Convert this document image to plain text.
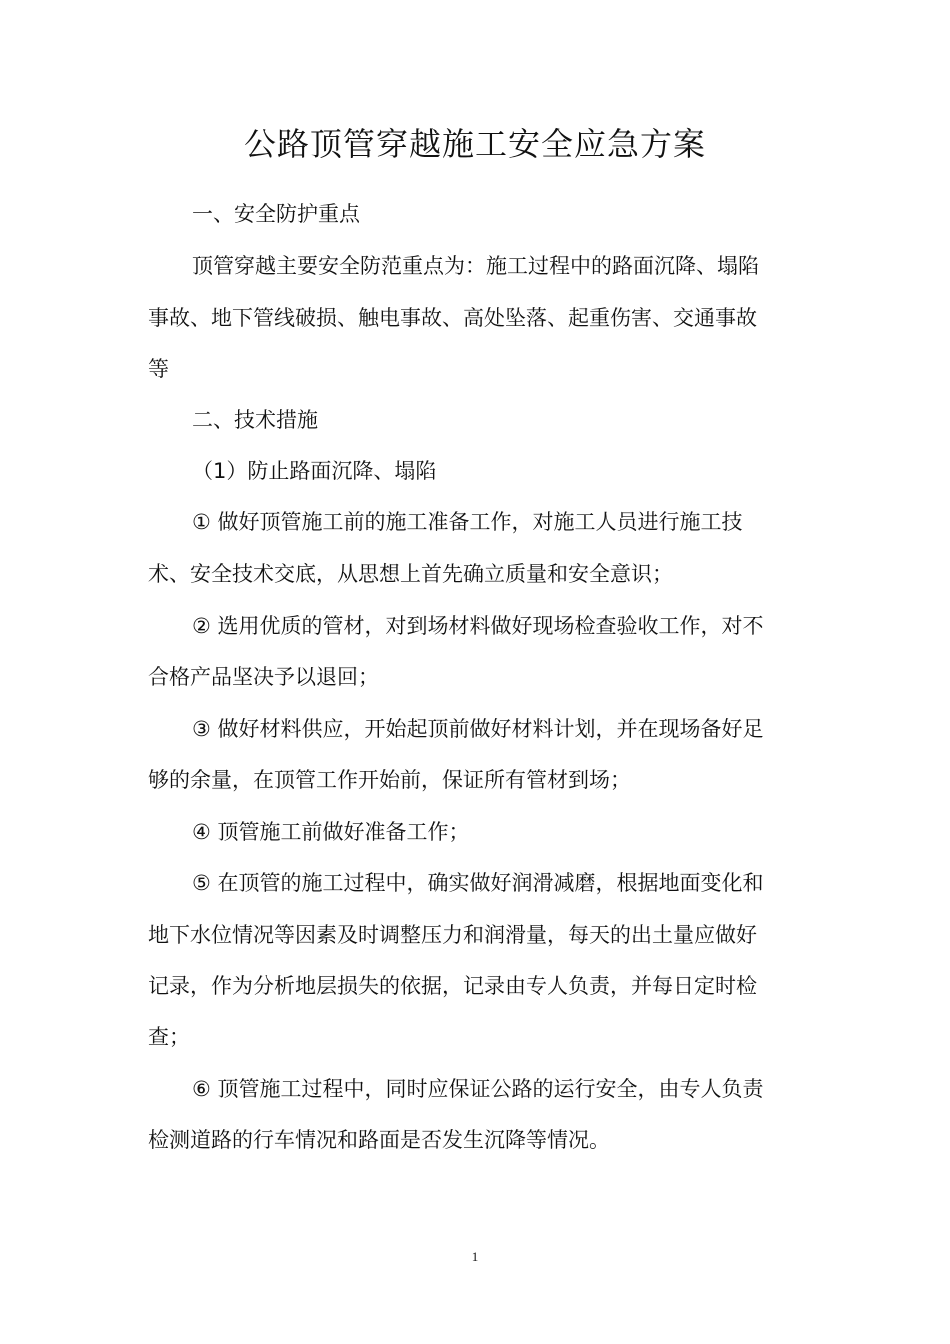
公路顶管穿越施工安全应急方案
一、安全防护重点
顶管穿越主要安全防范重点为：施工过程中的路面沉降、塌陷
事故、地下管线破损、触电事故、高处坠落、起重伤害、交通事故
等
二、技术措施
（1）防止路面沉降、塌陷
① 做好顶管施工前的施工准备工作，对施工人员进行施工技
术、安全技术交底，从思想上首先确立质量和安全意识；
② 选用优质的管材，对到场材料做好现场检查验收工作，对不
合格产品坚决予以退回；
③ 做好材料供应，开始起顶前做好材料计划，并在现场备好足
够的余量，在顶管工作开始前，保证所有管材到场；
④ 顶管施工前做好准备工作；
⑤ 在顶管的施工过程中，确实做好润滑减磨，根据地面变化和
地下水位情况等因素及时调整压力和润滑量，每天的出土量应做好
记录，作为分析地层损失的依据，记录由专人负责，并每日定时检
查；
⑥ 顶管施工过程中，同时应保证公路的运行安全，由专人负责
检测道路的行车情况和路面是否发生沉降等情况。
1
